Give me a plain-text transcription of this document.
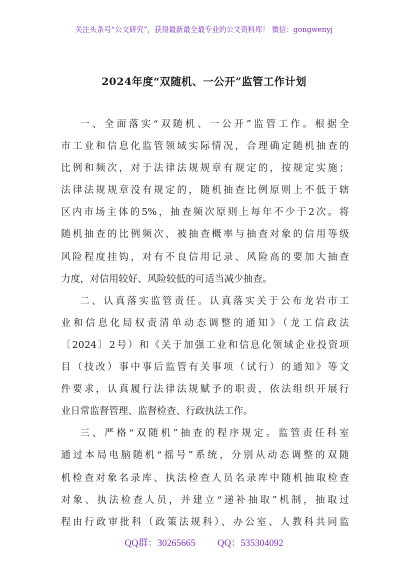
关注头条号“公文研究”，获得最新最全最专业的公文资料库！ 微信：gongwenyj
2024年度“双随机、一公开”监管工作计划
一、全面落实“双随机、一公开”监管工作。根据全
市工业和信息化监管领域实际情况，合理确定随机抽查的
比例和频次，对于法律法规规章有规定的，按规定实施；
法律法规规章没有规定的，随机抽查比例原则上不低于辖
区内市场主体的5%，抽查频次原则上每年不少于2次。将
随机抽查的比例频次、被抽查概率与抽查对象的信用等级
风险程度挂钩，对有不良信用记录、风险高的要加大抽查
力度，对信用较好、风险较低的可适当减少抽查。
二、认真落实监管责任。认真落实关于公布龙岩市工
业和信息化局权责清单动态调整的通知》（龙工信政法
〔2024〕2号）和《关于加强工业和信息化领域企业投资项
目（技改）事中事后监管有关事项（试行）的通知》等文
件要求，认真履行法律法规赋予的职责，依法组织开展行
业日常监督管理、监督检查、行政执法工作。
三、严格“双随机”抽查的程序规定。监管责任科室
通过本局电脑随机“摇号”系统，分别从动态调整的双随
机检查对象名录库、执法检查人员名录库中随机抽取检查
对象、执法检查人员，并建立“递补抽取”机制，抽取过
程由行政审批科（政策法规科）、办公室、人教科共同监
QQ群：30265665 QQ：535304092
